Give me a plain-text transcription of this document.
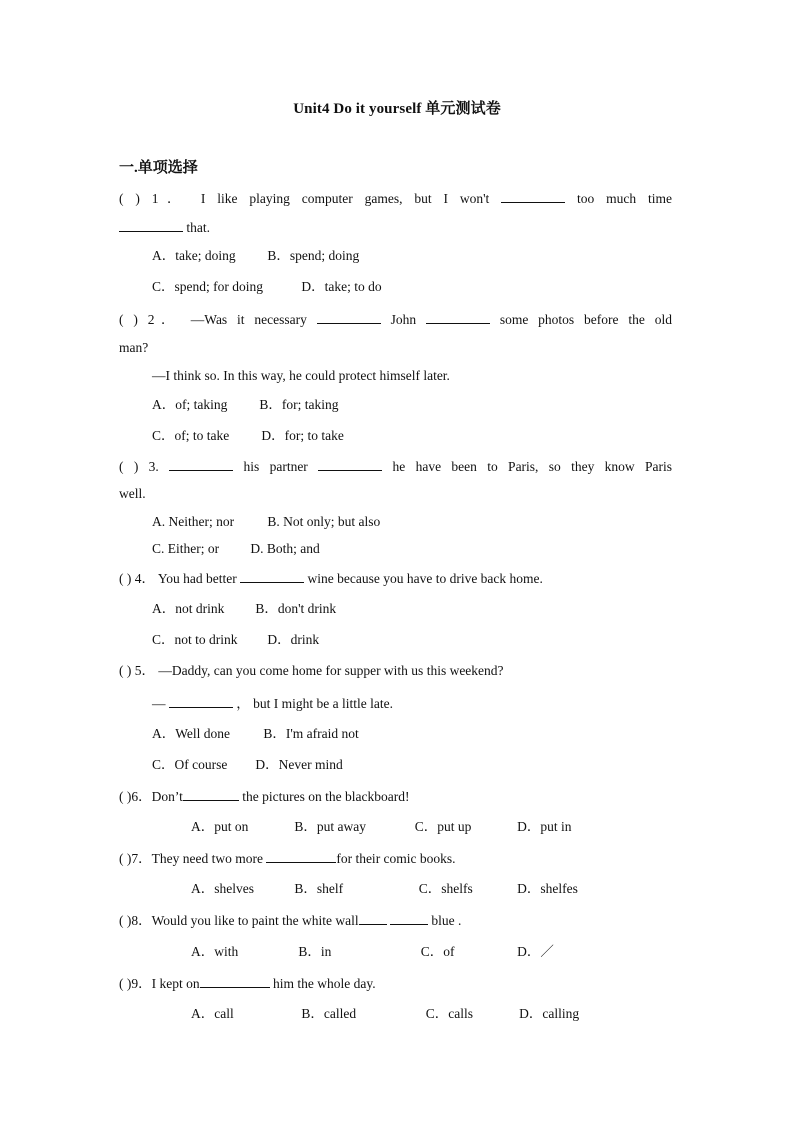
Unit4 Do it yourself 单元测试卷
一.单项选择
( ) 1． I like playing computer games, but I won't	too much time
that.
A．take; doing B．spend; doing
C．spend; for doing	D．take; to do
( ) 2． —Was it necessary	John	some photos before the old
man?
—I think so. In this way, he could protect himself later.
A．of; taking B．for; taking
C．of; to take D．for; to take
( ) 3.	his partner	he have been to Paris, so they know Paris
well.
A. Neither; nor B. Not only; but also
C. Either; or D. Both; and
( ) 4． You had better	wine because you have to drive back home.
A．not drink B．don't drink
C．not to drink D．drink
( ) 5． —Daddy, can you come home for supper with us this weekend?
—	， but I might be a little late.
A．Well done B．I'm afraid not
C．Of course D．Never mind
( )6．Don’t	the pictures on the blackboard!
A．put on	B．put away	C．put up	D．put in
( )7．They need two more	for their comic books.
A．shelves	B．shelf	C．shelfs	D．shelfes
( )8．Would you like to paint the white wall	blue .
A．with	B．in	C．of	D．／
( )9．I kept on	him the whole day.
A．call	B．called	C．calls	D．calling
